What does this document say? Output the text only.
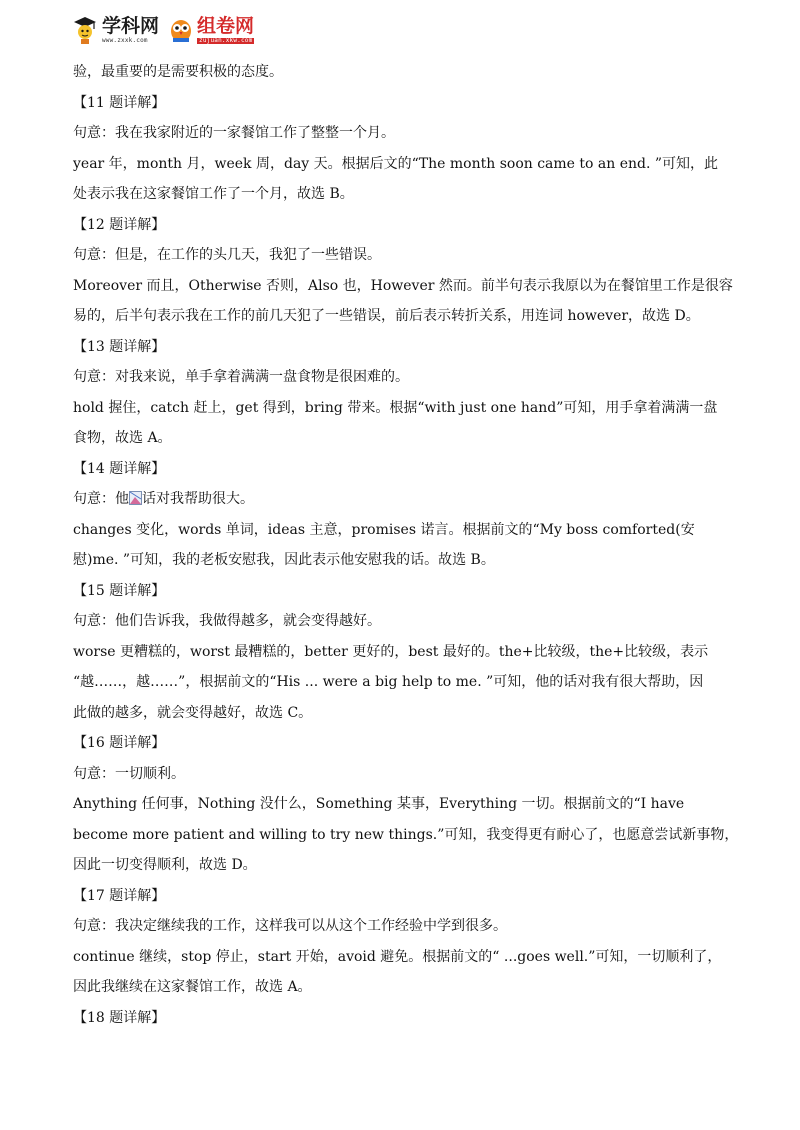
学科网
www.zxxk.com
组卷网
zujuan.xkw.com
验，最重要的是需要积极的态度。
【11 题详解】
句意：我在我家附近的一家餐馆工作了整整一个月。
year 年，month 月，week 周，day 天。根据后文的“The month soon came to an end. ”可知，此
处表示我在这家餐馆工作了一个月，故选 B。
【12 题详解】
句意：但是，在工作的头几天，我犯了一些错误。
Moreover 而且，Otherwise 否则，Also 也，However 然而。前半句表示我原以为在餐馆里工作是很容
易的，后半句表示我在工作的前几天犯了一些错误，前后表示转折关系，用连词 however，故选 D。
【13 题详解】
句意：对我来说，单手拿着满满一盘食物是很困难的。
hold 握住，catch 赶上，get 得到，bring 带来。根据“with just one hand”可知，用手拿着满满一盘
食物，故选 A。
【14 题详解】
句意：他 话对我帮助很大。
changes 变化，words 单词，ideas 主意，promises 诺言。根据前文的“My boss comforted(安
慰)me. ”可知，我的老板安慰我，因此表示他安慰我的话。故选 B。
【15 题详解】
句意：他们告诉我，我做得越多，就会变得越好。
worse 更糟糕的，worst 最糟糕的，better 更好的，best 最好的。the+比较级，the+比较级，表示
“越……，越……”，根据前文的“His ... were a big help to me. ”可知，他的话对我有很大帮助，因
此做的越多，就会变得越好，故选 C。
【16 题详解】
句意：一切顺利。
Anything 任何事，Nothing 没什么，Something 某事，Everything 一切。根据前文的“I have
become more patient and willing to try new things.”可知，我变得更有耐心了，也愿意尝试新事物，
因此一切变得顺利，故选 D。
【17 题详解】
句意：我决定继续我的工作，这样我可以从这个工作经验中学到很多。
continue 继续，stop 停止，start 开始，avoid 避免。根据前文的“ ...goes well.”可知，一切顺利了，
因此我继续在这家餐馆工作，故选 A。
【18 题详解】
